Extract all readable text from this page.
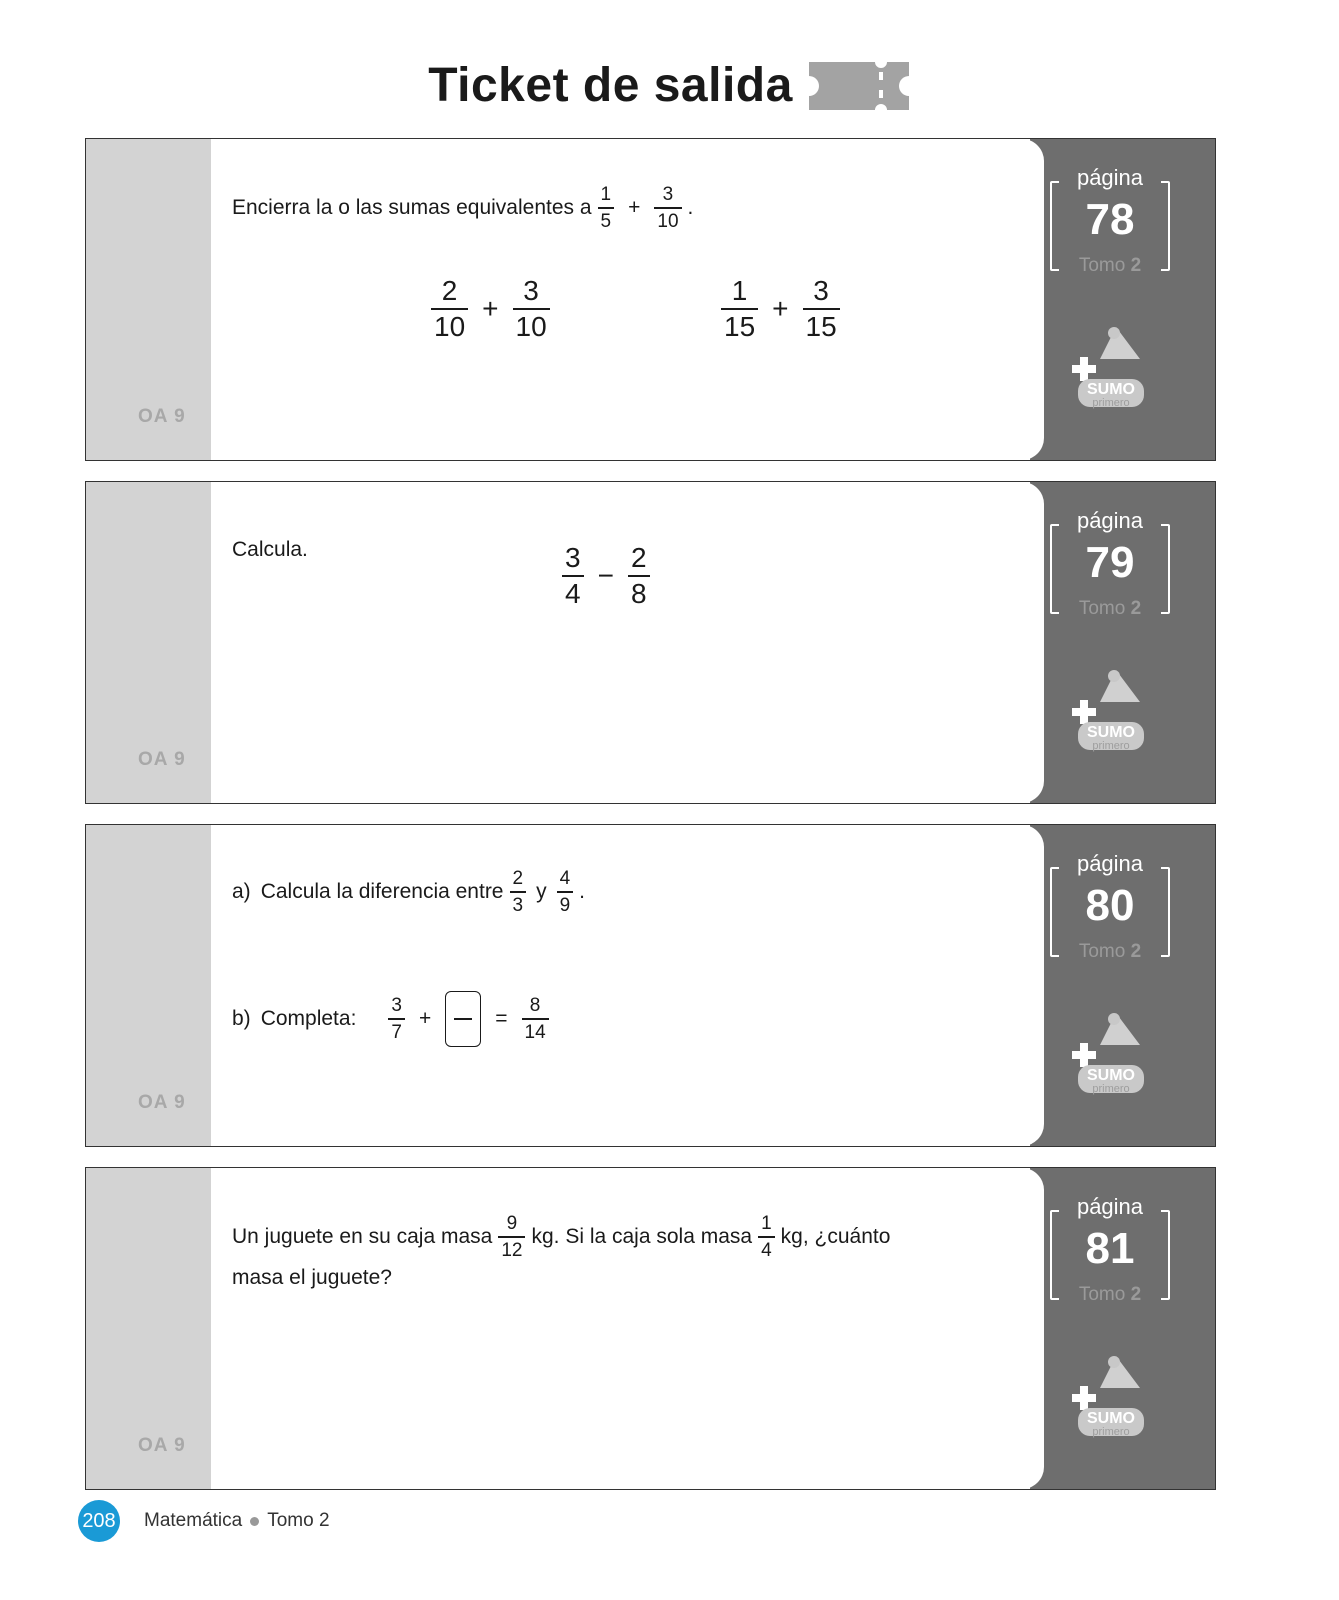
Ticket de salida
OA 9
Encierra la o las sumas equivalentes a $\frac{1}{5} + \frac{3}{10}$ .
$\frac{2}{10} + \frac{3}{10}$	$\frac{1}{15} + \frac{3}{15}$
página
78
Tomo 2
SUMO
primero
OA 9
Calcula.	$\frac{3}{4} - \frac{2}{8}$
página
79
Tomo 2
SUMO
primero
OA 9
a) Calcula la diferencia entre $\frac{2}{3}$ y $\frac{4}{9}$ .
b) Completa: $\frac{3}{7}$ +	= $\frac{8}{14}$
página
80
Tomo 2
SUMO
primero
OA 9
Un juguete en su caja masa $\frac{9}{12}$ kg. Si la caja sola masa $\frac{1}{4}$ kg, ¿cuánto
masa el juguete?
página
81
Tomo 2
SUMO
primero
208 Matemática Tomo 2
